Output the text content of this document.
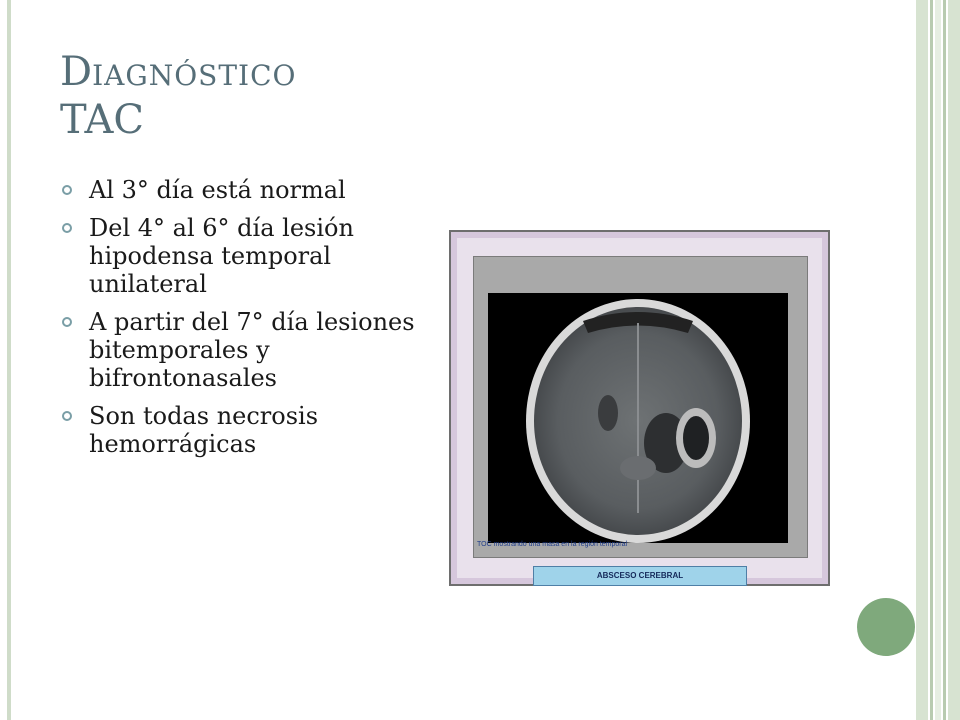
DIAGNÓSTICO
TAC
Al 3° día está normal
Del 4° al 6° día lesión hipodensa temporal unilateral
A partir del 7° día lesiones bitemporales y bifrontonasales
Son todas necrosis hemorrágicas
TOC mostrando una masa en la región temporal
ABSCESO CEREBRAL
